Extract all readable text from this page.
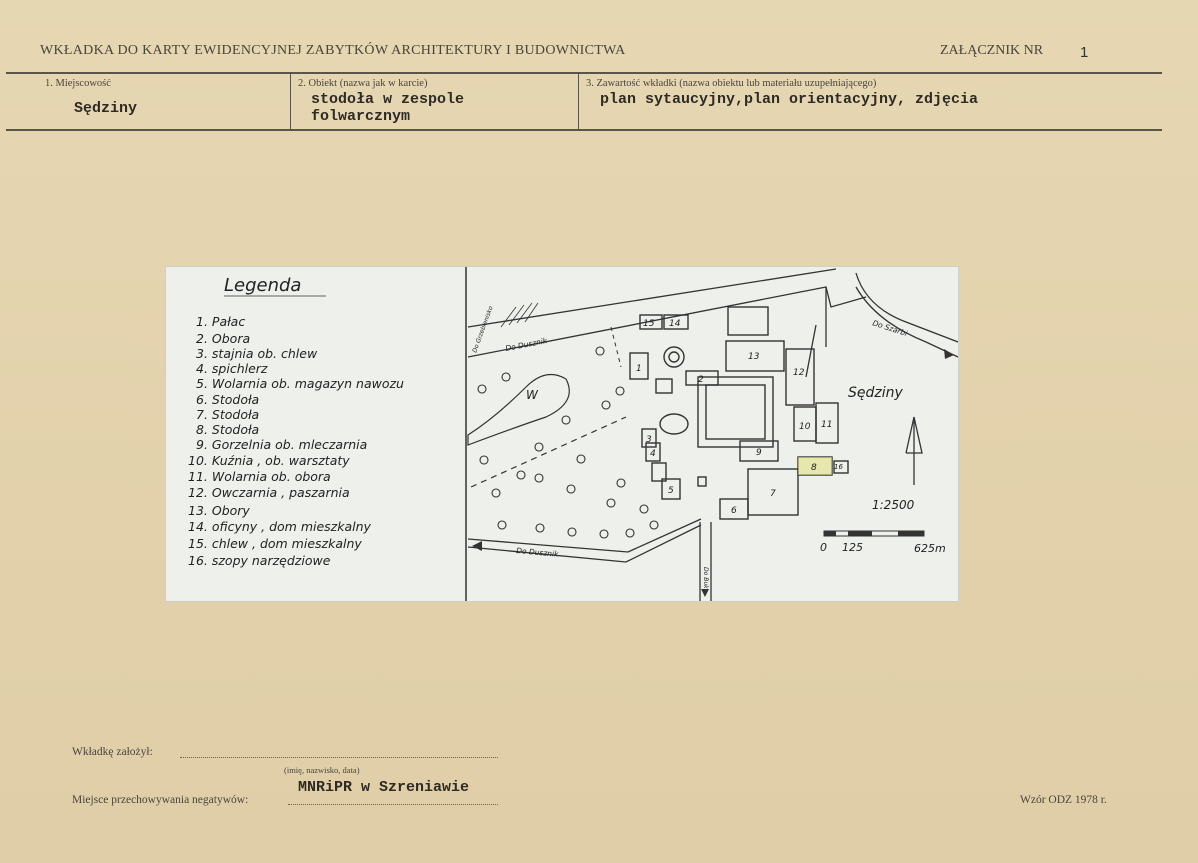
WKŁADKA DO KARTY EWIDENCYJNEJ ZABYTKÓW ARCHITEKTURY I BUDOWNICTWA	ZAŁĄCZNIK NR 1
1. Miejscowość
Sędziny
2. Obiekt (nazwa jak w karcie)
stodoła w zespole
folwarcznym
3. Zawartość wkładki (nazwa obiektu lub materiału uzupełniającego)
plan sytaucyjny,plan orientacyjny, zdjęcia
Legenda
1. Pałac
2. Obora
3. stajnia ob. chlew
4. spichlerz
5. Wolarnia ob. magazyn nawozu
6. Stodoła
7. Stodoła
8. Stodoła
9. Gorzelnia ob. mleczarnia
10. Kuźnia , ob. warsztaty
11. Wolarnia ob. obora
12. Owczarnia , paszarnia
13. Obory
14. oficyny , dom mieszkalny
15. chlew , dom mieszkalny
16. szopy narzędziowe
Do Dusznik
Do Szarbi
Do Dusznik
Do Buk
Do Grzebienisko
W
1
2
3
4
5
6
7
8
9
10 11
12
13
14
15
16
Sędziny
1:2500
0 125	625m
Wkładkę założył:
(imię, nazwisko, data)
Miejsce przechowywania negatywów:
MNRiPR w Szreniawie
Wzór ODZ 1978 r.
